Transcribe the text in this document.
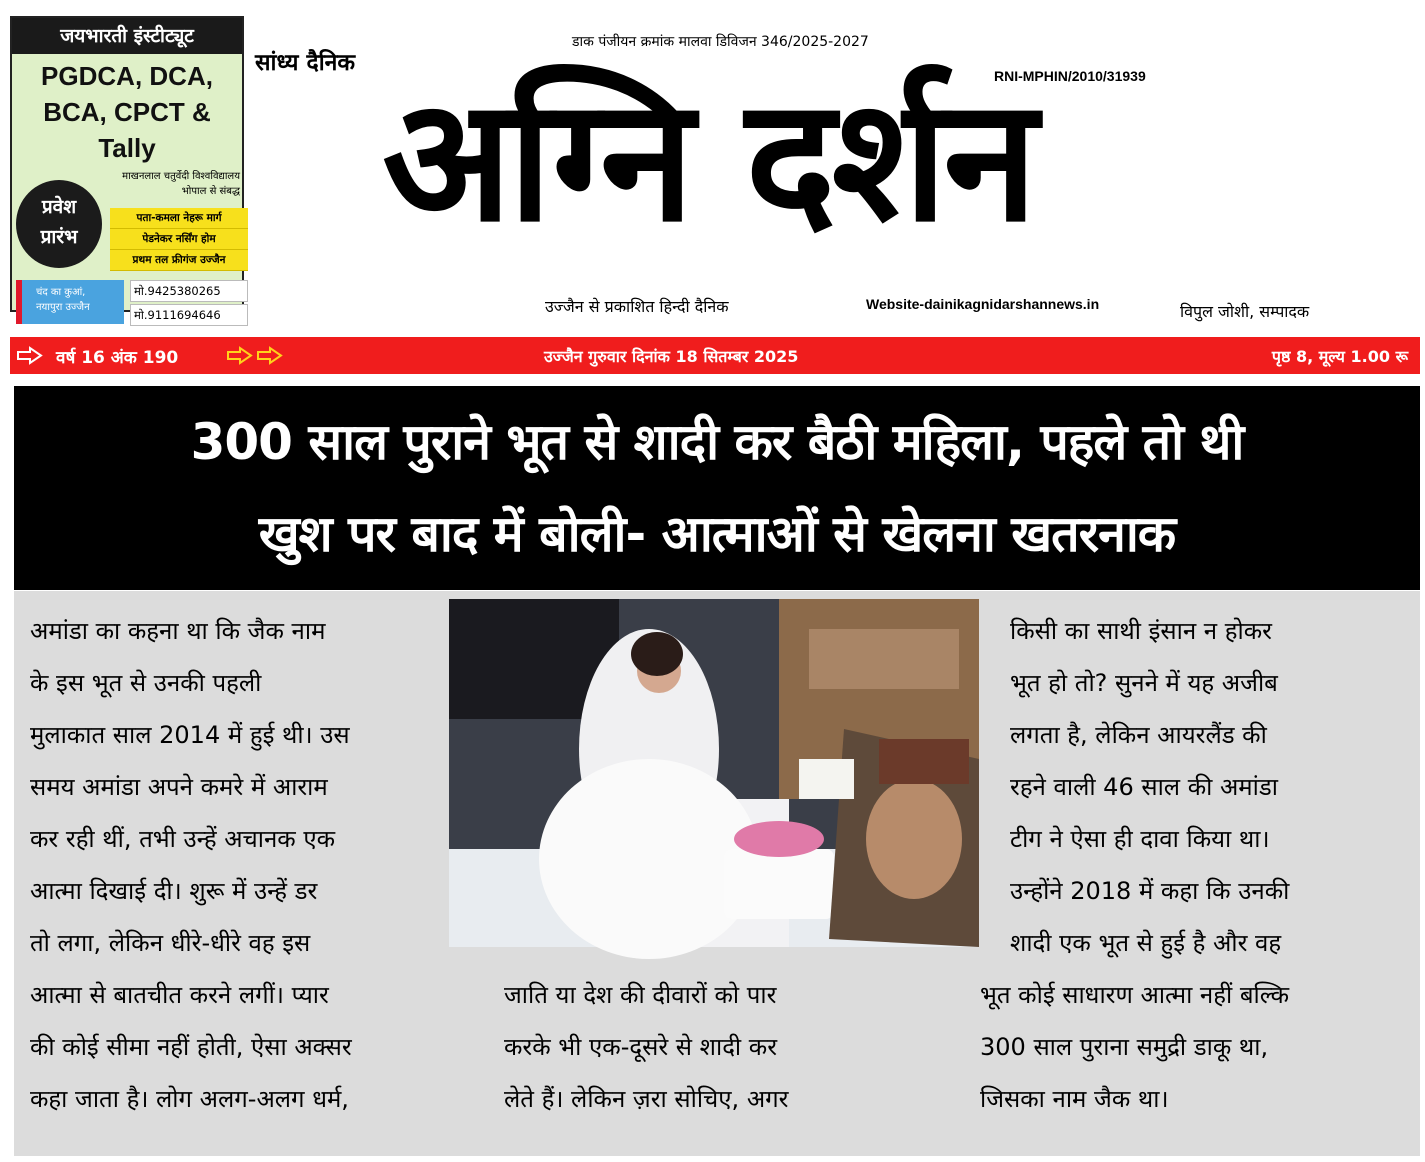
जयभारती इंस्टीट्यूट
PGDCA, DCA,
BCA, CPCT & Tally
माखनलाल चतुर्वेदी विश्वविद्यालय
भोपाल से संबद्ध
प्रवेश
प्रारंभ
पता-कमला नेहरू मार्ग
पेडनेकर नर्सिंग होम
प्रथम तल फ्रीगंज उज्जैन
चंद का कुआं,
नयापुरा उज्जैन
मो.9425380265
मो.9111694646
डाक पंजीयन क्रमांक मालवा डिविजन 346/2025-2027
सांध्य दैनिक	RNI-MPHIN/2010/31939
अग्नि दर्शन
उज्जैन से प्रकाशित हिन्दी दैनिक	Website-dainikagnidarshannews.in	विपुल जोशी, सम्पादक
वर्ष 16 अंक 190	उज्जैन गुरुवार दिनांक 18 सितम्बर 2025	पृष्ठ 8, मूल्य 1.00 रू
300 साल पुराने भूत से शादी कर बैठी महिला, पहले तो थी
खुश पर बाद में बोली- आत्माओं से खेलना खतरनाक
अमांडा का कहना था कि जैक नाम
के इस भूत से उनकी पहली
मुलाकात साल 2014 में हुई थी। उस
समय अमांडा अपने कमरे में आराम
कर रही थीं, तभी उन्हें अचानक एक
आत्मा दिखाई दी। शुरू में उन्हें डर
तो लगा, लेकिन धीरे-धीरे वह इस
आत्मा से बातचीत करने लगीं। प्यार
की कोई सीमा नहीं होती, ऐसा अक्सर
कहा जाता है। लोग अलग-अलग धर्म,
जाति या देश की दीवारों को पार
करके भी एक-दूसरे से शादी कर
लेते हैं। लेकिन ज़रा सोचिए, अगर
किसी का साथी इंसान न होकर
भूत हो तो? सुनने में यह अजीब
लगता है, लेकिन आयरलैंड की
रहने वाली 46 साल की अमांडा
टीग ने ऐसा ही दावा किया था।
उन्होंने 2018 में कहा कि उनकी
शादी एक भूत से हुई है और वह
भूत कोई साधारण आत्मा नहीं बल्कि
300 साल पुराना समुद्री डाकू था,
जिसका नाम जैक था।
